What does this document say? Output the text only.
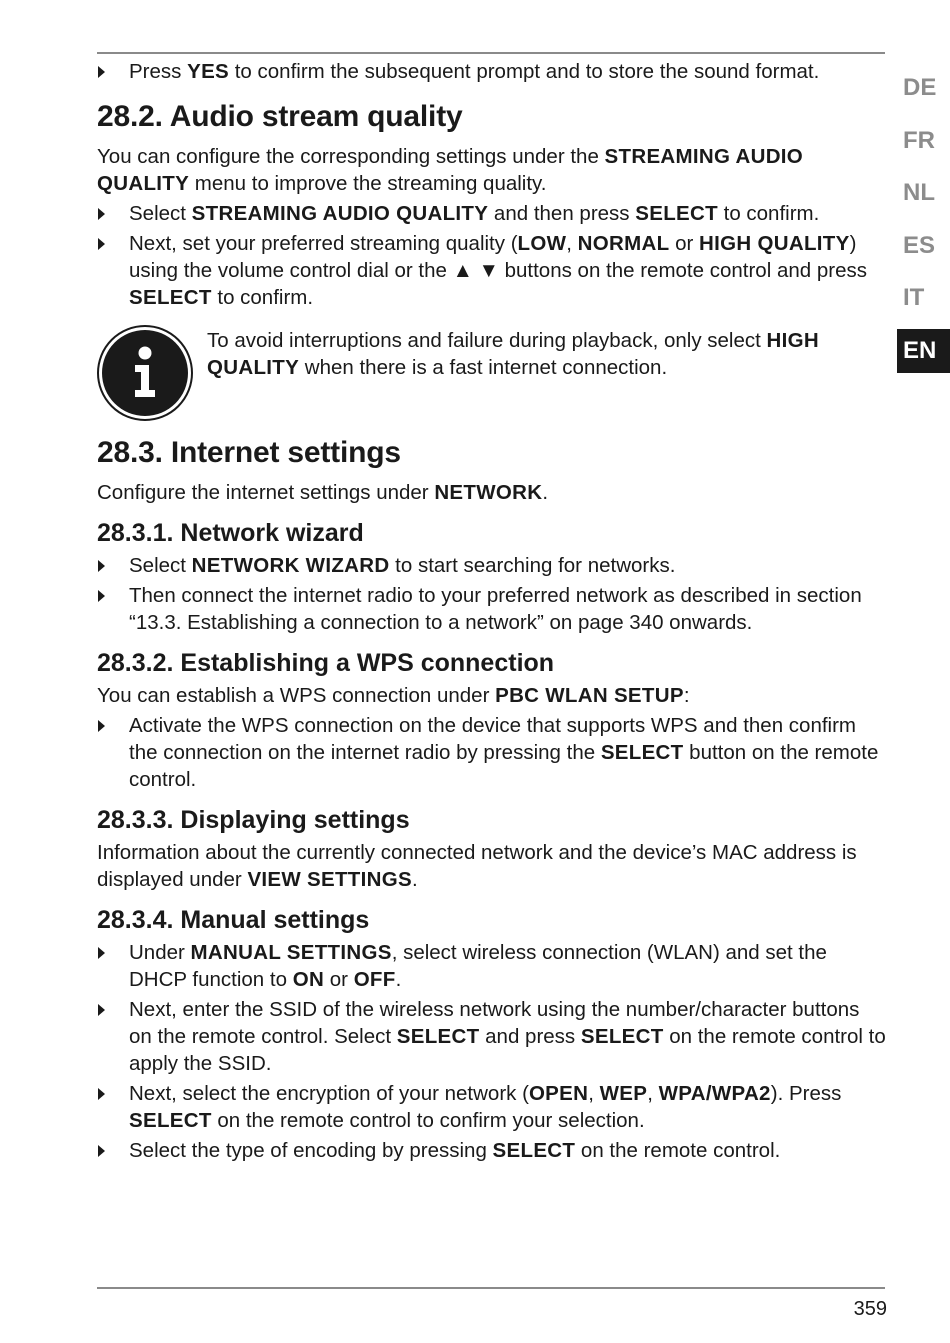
Press YES to confirm the subsequent prompt and to store the sound format.
28.2. Audio stream quality

You can configure the corresponding settings under the STREAMING AUDIO QUALITY menu to improve the streaming quality.

Select STREAMING AUDIO QUALITY and then press SELECT to confirm.
Next, set your preferred streaming quality (LOW, NORMAL or HIGH QUALITY) using the volume control dial or the ▲ ▼ buttons on the remote control and press SELECT to confirm.
To avoid interruptions and failure during playback, only select HIGH QUALITY when there is a fast internet connection.
28.3. Internet settings

Configure the internet settings under NETWORK.

28.3.1. Network wizard
Select NETWORK WIZARD to start searching for networks.
Then connect the internet radio to your preferred network as described in section “13.3. Establishing a connection to a network” on page 340 onwards.
28.3.2. Establishing a WPS connection

You can establish a WPS connection under PBC WLAN SETUP:

Activate the WPS connection on the device that supports WPS and then confirm the connection on the internet radio by pressing the SELECT button on the remote control.
28.3.3. Displaying settings

Information about the currently connected network and the device’s MAC address is displayed under VIEW SETTINGS.

28.3.4. Manual settings
Under MANUAL SETTINGS, select wireless connection (WLAN) and set the DHCP function to ON or OFF.
Next, enter the SSID of the wireless network using the number/character buttons on the remote control. Select SELECT and press SELECT on the remote control to apply the SSID.
Next, select the encryption of your network (OPEN, WEP, WPA/WPA2). Press SELECT on the remote control to confirm your selection.
Select the type of encoding by pressing SELECT on the remote control.
DE
FR
NL
ES
IT
EN
359
